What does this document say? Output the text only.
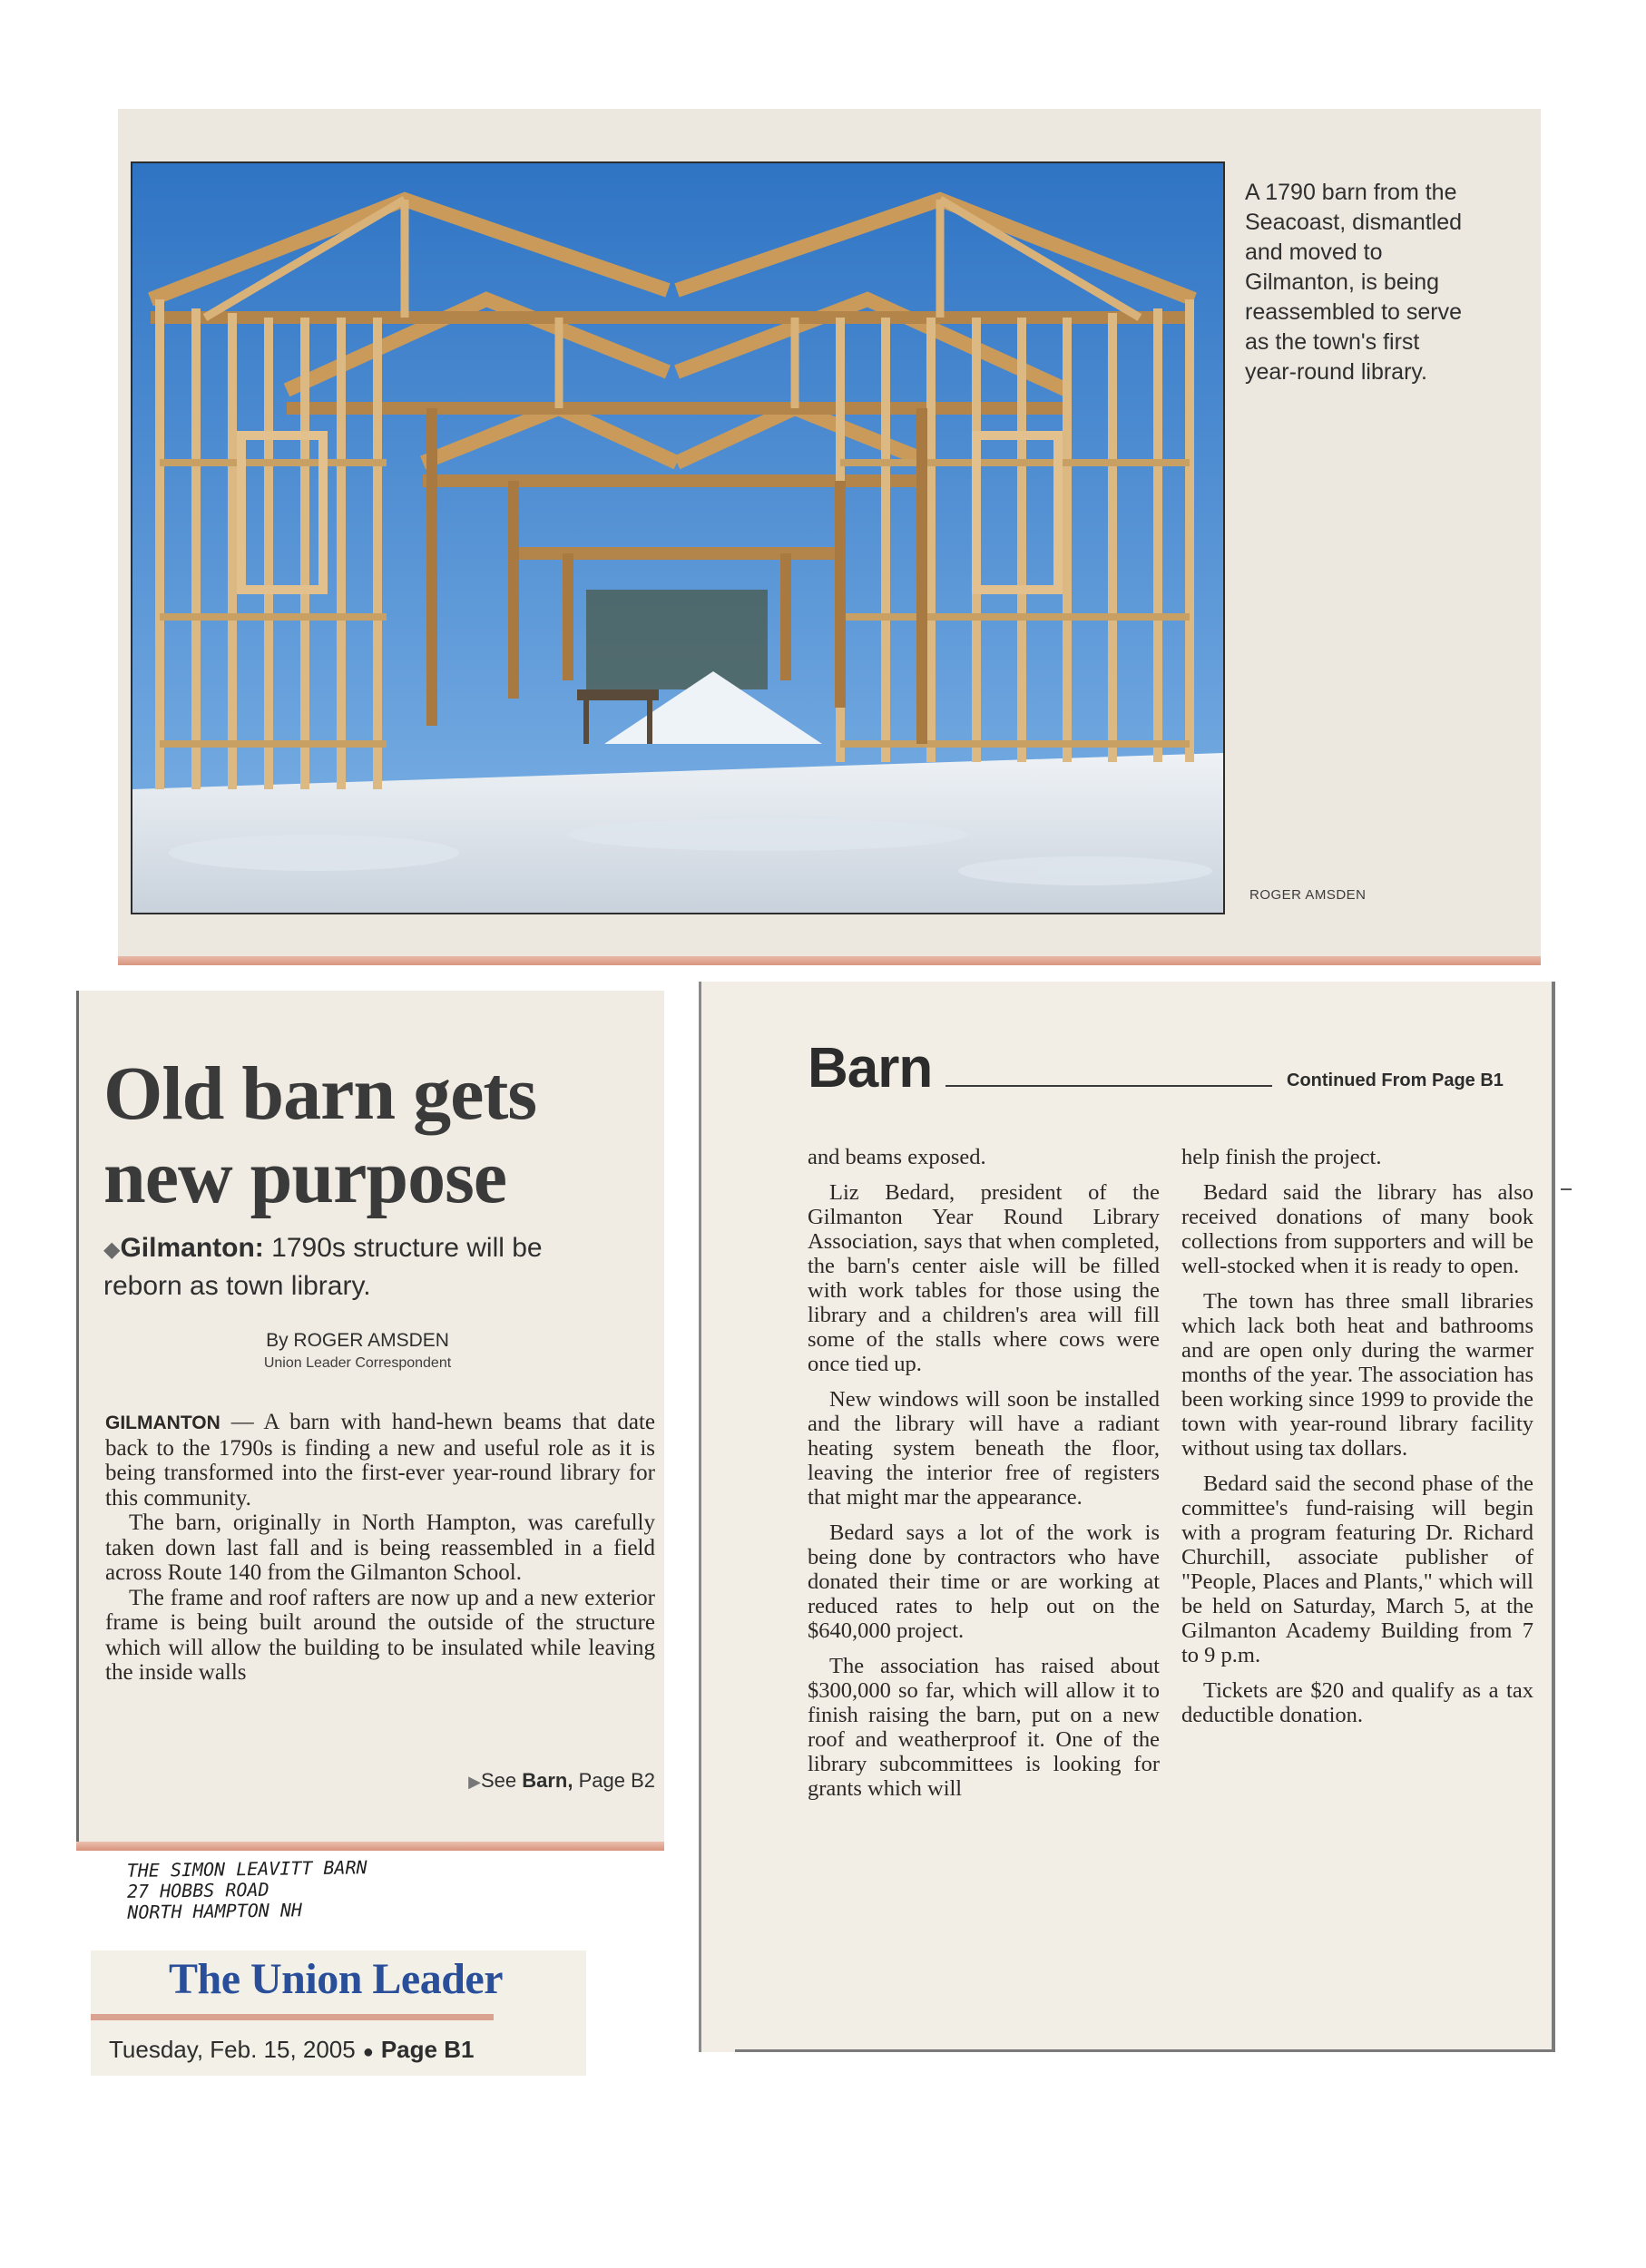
A 1790 barn from the Seacoast, dismantled and moved to Gilmanton, is being reassembled to serve as the town's first year-round library.

ROGER AMSDEN
Old barn gets new purpose

◆Gilmanton: 1790s structure will be reborn as town library.

By ROGER AMSDEN
Union Leader Correspondent

GILMANTON — A barn with hand-hewn beams that date back to the 1790s is finding a new and useful role as it is being transformed into the first-ever year-round library for this community.

The barn, originally in North Hampton, was carefully taken down last fall and is being reassembled in a field across Route 140 from the Gilmanton School.

The frame and roof rafters are now up and a new exterior frame is being built around the outside of the structure which will allow the building to be insulated while leaving the inside walls

▶See Barn, Page B2
THE SIMON LEAVITT BARN
27 HOBBS ROAD
NORTH HAMPTON NH
The Union Leader
Tuesday, Feb. 15, 2005 ● Page B1
Barn	Continued From Page B1

and beams exposed.

Liz Bedard, president of the Gilmanton Year Round Library Association, says that when completed, the barn's center aisle will be filled with work tables for those using the library and a children's area will fill some of the stalls where cows were once tied up.

New windows will soon be installed and the library will have a radiant heating system beneath the floor, leaving the interior free of registers that might mar the appearance.

Bedard says a lot of the work is being done by contractors who have donated their time or are working at reduced rates to help out on the $640,000 project.

The association has raised about $300,000 so far, which will allow it to finish raising the barn, put on a new roof and weatherproof it. One of the library subcommittees is looking for grants which will

help finish the project.

Bedard said the library has also received donations of many book collections from supporters and will be well-stocked when it is ready to open.

The town has three small libraries which lack both heat and bathrooms and are open only during the warmer months of the year. The association has been working since 1999 to provide the town with year-round library facility without using tax dollars.

Bedard said the second phase of the committee's fund-raising will begin with a program featuring Dr. Richard Churchill, associate publisher of "People, Places and Plants," which will be held on Saturday, March 5, at the Gilmanton Academy Building from 7 to 9 p.m.

Tickets are $20 and qualify as a tax deductible donation.
